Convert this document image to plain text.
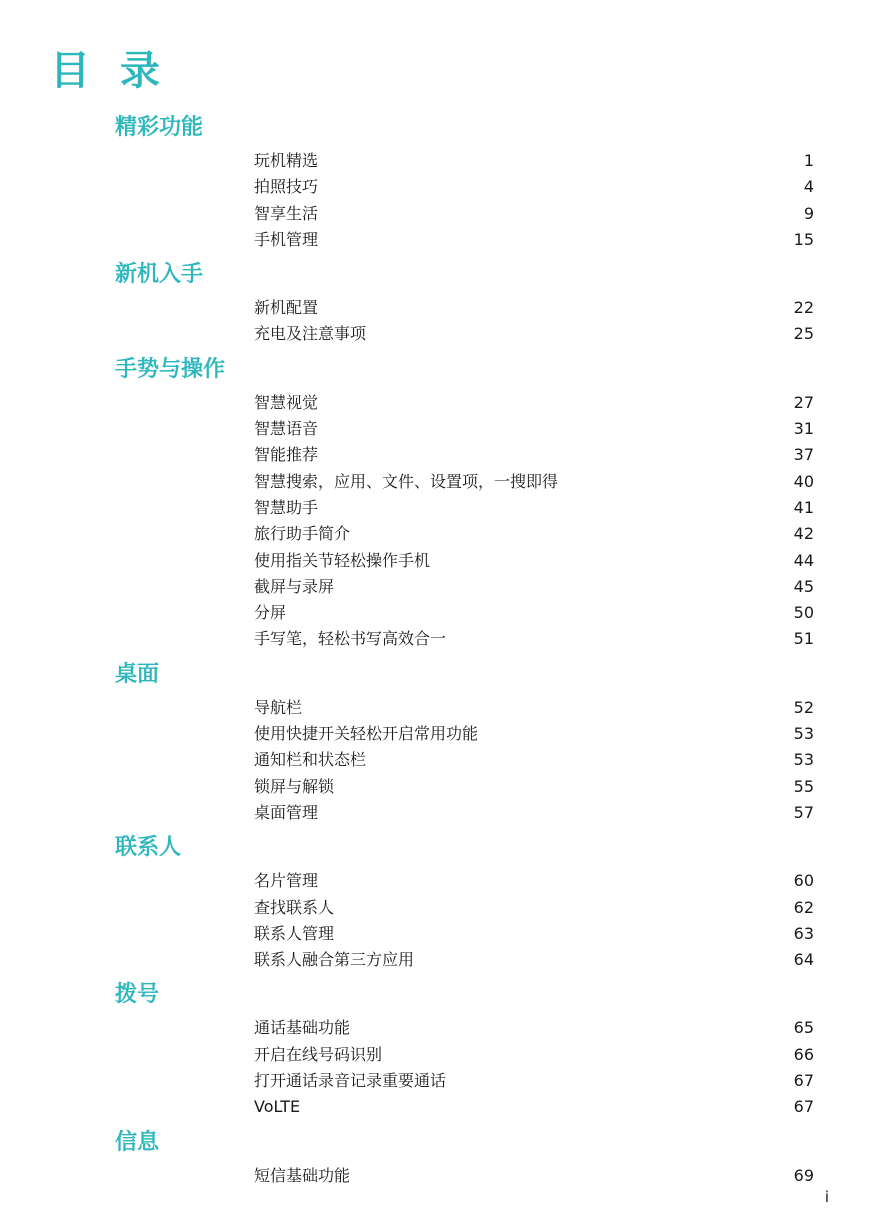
目 录
精彩功能
玩机精选	1
拍照技巧	4
智享生活	9
手机管理	15
新机入手
新机配置	22
充电及注意事项	25
手势与操作
智慧视觉	27
智慧语音	31
智能推荐	37
智慧搜索，应用、文件、设置项，一搜即得	40
智慧助手	41
旅行助手简介	42
使用指关节轻松操作手机	44
截屏与录屏	45
分屏	50
手写笔，轻松书写高效合一	51
桌面
导航栏	52
使用快捷开关轻松开启常用功能	53
通知栏和状态栏	53
锁屏与解锁	55
桌面管理	57
联系人
名片管理	60
查找联系人	62
联系人管理	63
联系人融合第三方应用	64
拨号
通话基础功能	65
开启在线号码识别	66
打开通话录音记录重要通话	67
VoLTE	67
信息
短信基础功能	69
i
